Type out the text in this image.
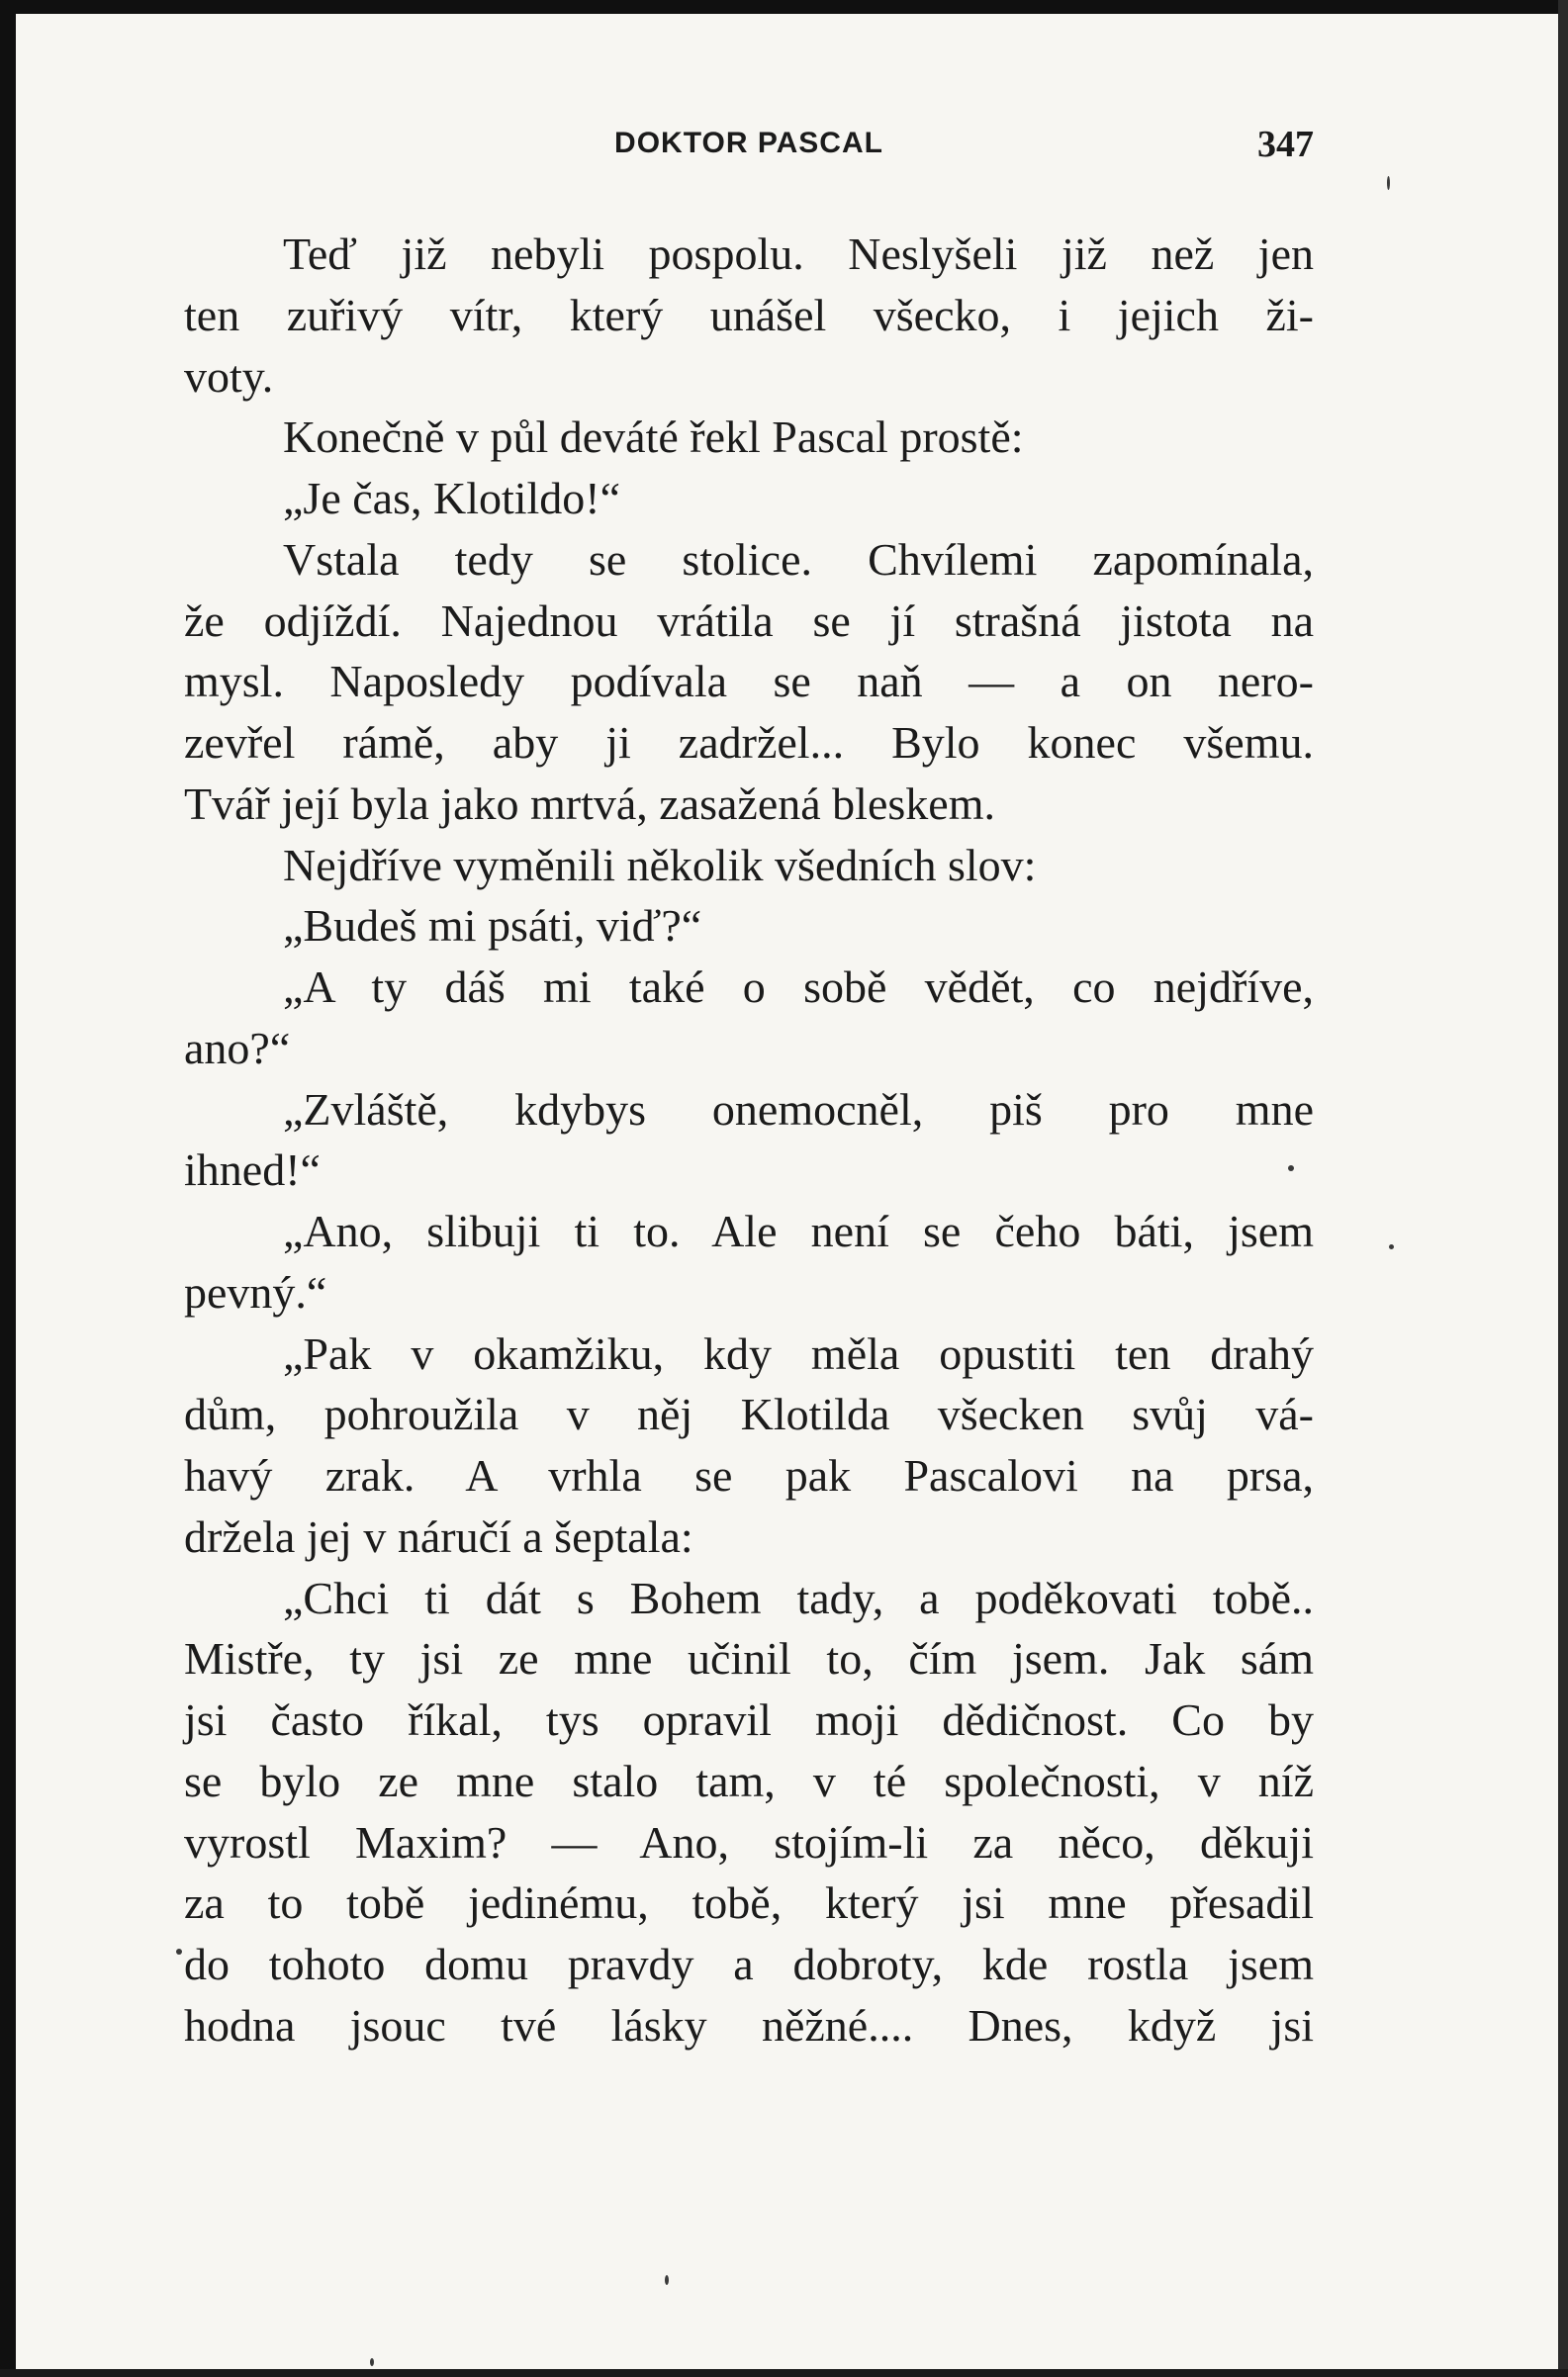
DOKTOR PASCAL	347
Teď již nebyli pospolu. Neslyšeli již než jen
ten zuřivý vítr, který unášel všecko, i jejich ži-
voty.
Konečně v půl deváté řekl Pascal prostě:
„Je čas, Klotildo!“
Vstala tedy se stolice. Chvílemi zapomínala,
že odjíždí. Najednou vrátila se jí strašná jistota na
mysl. Naposledy podívala se naň — a on nero-
zevřel rámě, aby ji zadržel... Bylo konec všemu.
Tvář její byla jako mrtvá, zasažená bleskem.
Nejdříve vyměnili několik všedních slov:
„Budeš mi psáti, viď?“
„A ty dáš mi také o sobě vědět, co nejdříve,
ano?“
„Zvláště, kdybys onemocněl, piš pro mne
ihned!“
„Ano, slibuji ti to. Ale není se čeho báti, jsem
pevný.“
„Pak v okamžiku, kdy měla opustiti ten drahý
dům, pohroužila v něj Klotilda všecken svůj vá-
havý zrak. A vrhla se pak Pascalovi na prsa,
držela jej v náručí a šeptala:
„Chci ti dát s Bohem tady, a poděkovati tobě..
Mistře, ty jsi ze mne učinil to, čím jsem. Jak sám
jsi často říkal, tys opravil moji dědičnost. Co by
se bylo ze mne stalo tam, v té společnosti, v níž
vyrostl Maxim? — Ano, stojím-li za něco, děkuji
za to tobě jedinému, tobě, který jsi mne přesadil
do tohoto domu pravdy a dobroty, kde rostla jsem
hodna jsouc tvé lásky něžné.... Dnes, když jsi
